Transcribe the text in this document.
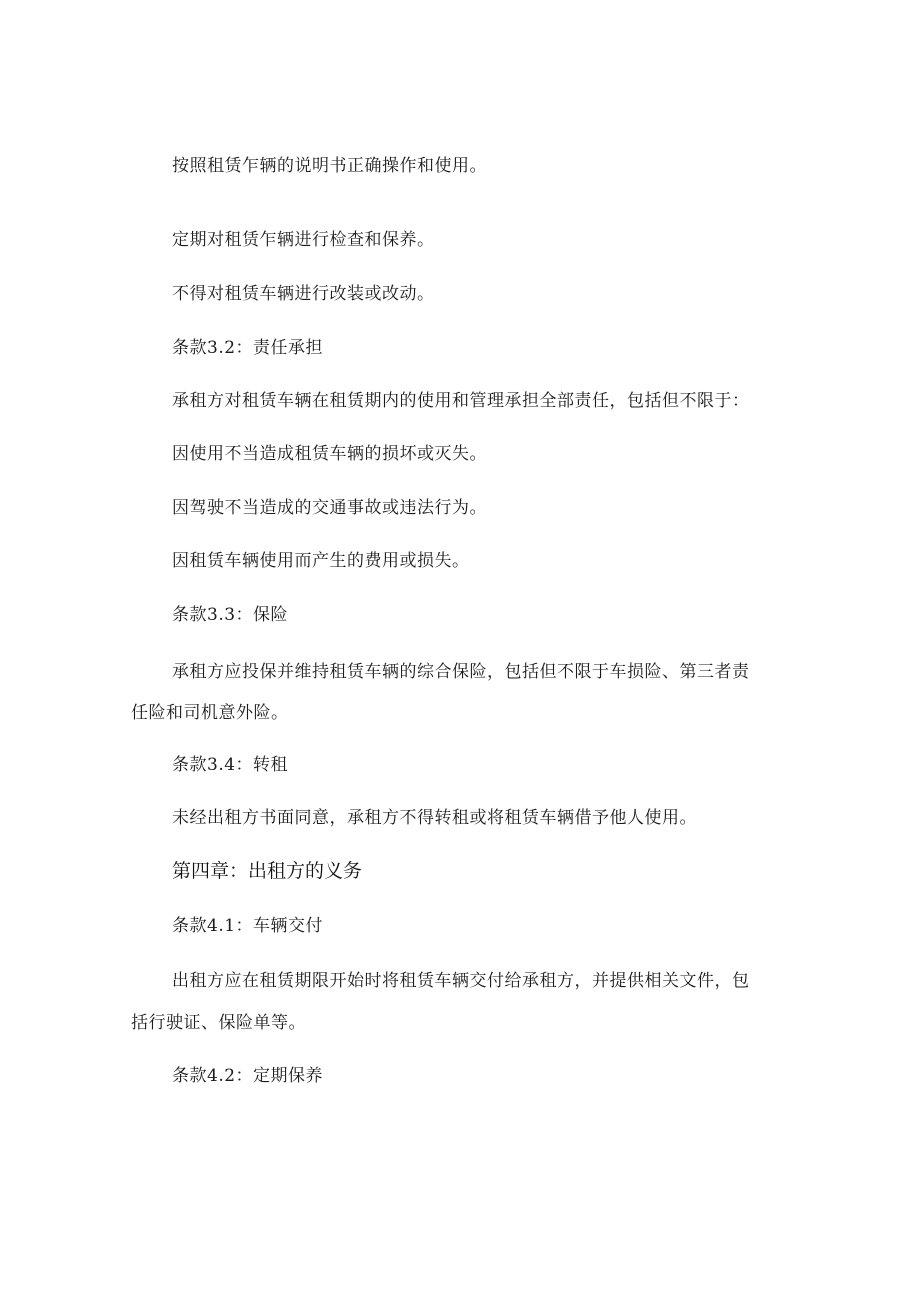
按照租赁乍辆的说明书正确操作和使用。
定期对租赁乍辆进行检查和保养。
不得对租赁车辆进行改装或改动。
条款3.2：责任承担
承租方对租赁车辆在租赁期内的使用和管理承担全部责任，包括但不限于：
因使用不当造成租赁车辆的损坏或灭失。
因驾驶不当造成的交通事故或违法行为。
因租赁车辆使用而产生的费用或损失。
条款3.3：保险
承租方应投保并维持租赁车辆的综合保险，包括但不限于车损险、第三者责
任险和司机意外险。
条款3.4：转租
未经出租方书面同意，承租方不得转租或将租赁车辆借予他人使用。
第四章：出租方的义务
条款4.1：车辆交付
出租方应在租赁期限开始时将租赁车辆交付给承租方，并提供相关文件，包
括行驶证、保险单等。
条款4.2：定期保养
